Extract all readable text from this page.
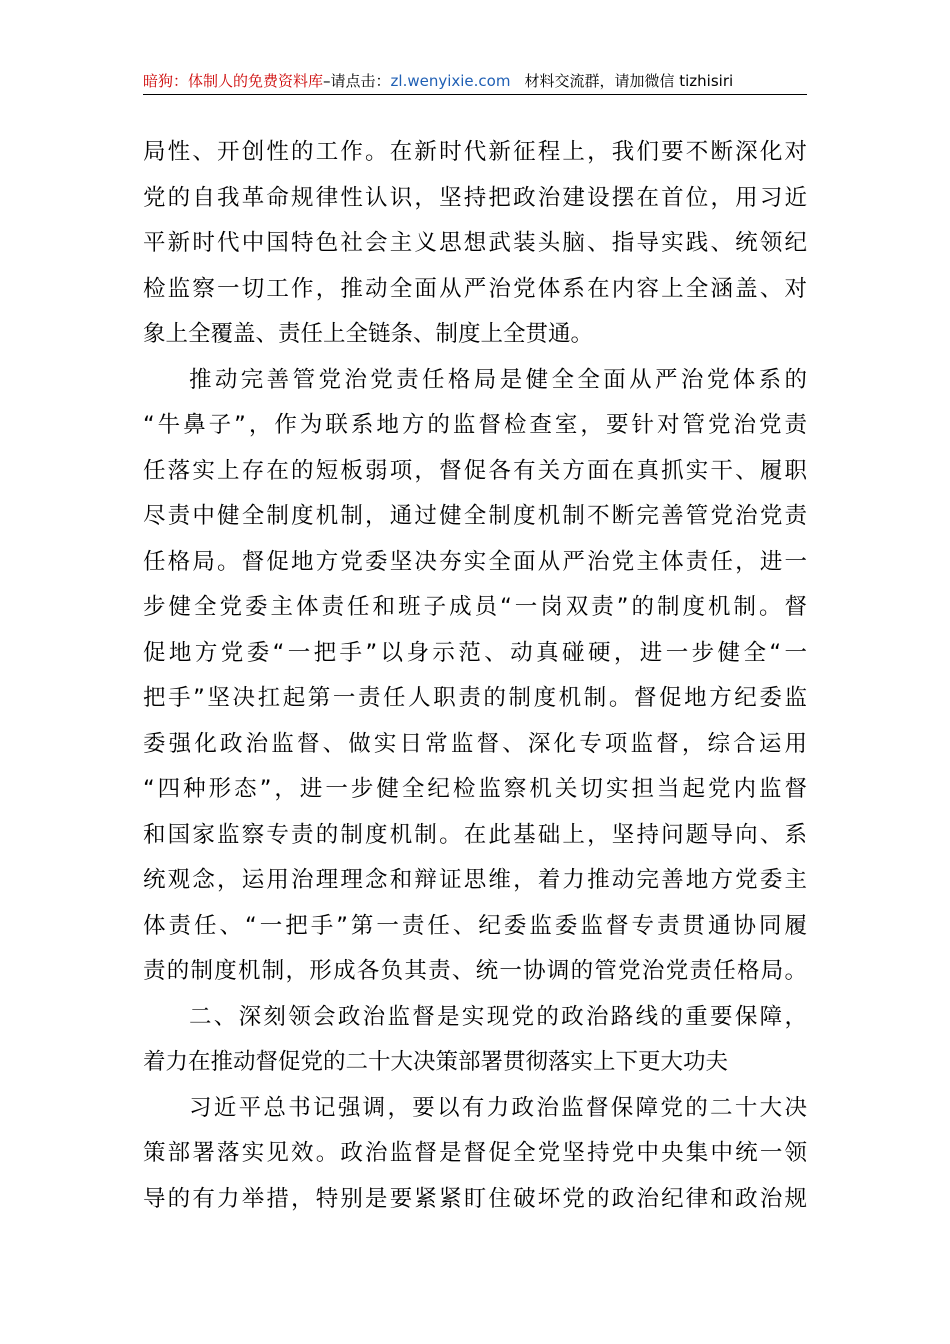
暗狗：体制人的免费资料库–请点击：zl.wenyixie.com 材料交流群，请加微信 tizhisiri
局性、开创性的工作。在新时代新征程上，我们要不断深化对
党的自我革命规律性认识，坚持把政治建设摆在首位，用习近
平新时代中国特色社会主义思想武装头脑、指导实践、统领纪
检监察一切工作，推动全面从严治党体系在内容上全涵盖、对
象上全覆盖、责任上全链条、制度上全贯通。
推动完善管党治党责任格局是健全全面从严治党体系的
“牛鼻子”，作为联系地方的监督检查室，要针对管党治党责
任落实上存在的短板弱项，督促各有关方面在真抓实干、履职
尽责中健全制度机制，通过健全制度机制不断完善管党治党责
任格局。督促地方党委坚决夯实全面从严治党主体责任，进一
步健全党委主体责任和班子成员“一岗双责”的制度机制。督
促地方党委“一把手”以身示范、动真碰硬，进一步健全“一
把手”坚决扛起第一责任人职责的制度机制。督促地方纪委监
委强化政治监督、做实日常监督、深化专项监督，综合运用
“四种形态”，进一步健全纪检监察机关切实担当起党内监督
和国家监察专责的制度机制。在此基础上，坚持问题导向、系
统观念，运用治理理念和辩证思维，着力推动完善地方党委主
体责任、“一把手”第一责任、纪委监委监督专责贯通协同履
责的制度机制，形成各负其责、统一协调的管党治党责任格局。
二、深刻领会政治监督是实现党的政治路线的重要保障，
着力在推动督促党的二十大决策部署贯彻落实上下更大功夫
习近平总书记强调，要以有力政治监督保障党的二十大决
策部署落实见效。政治监督是督促全党坚持党中央集中统一领
导的有力举措，特别是要紧紧盯住破坏党的政治纪律和政治规
